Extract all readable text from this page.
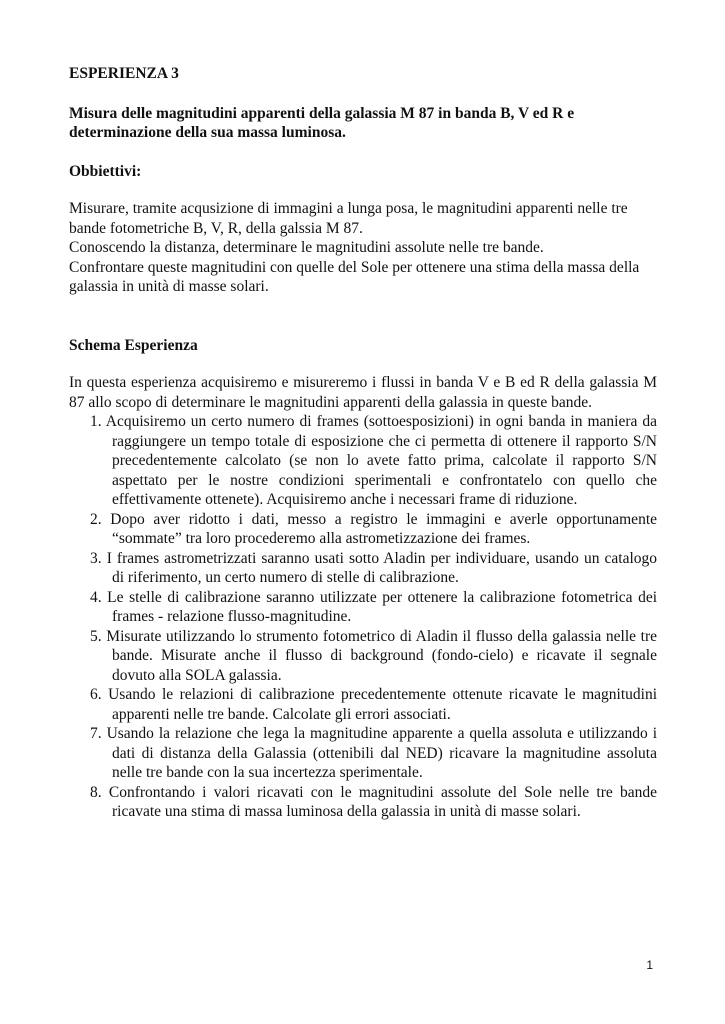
ESPERIENZA 3

Misura delle magnitudini apparenti della galassia M 87 in banda B, V ed R e determinazione della sua massa luminosa.

Obbiettivi:

Misurare, tramite acqusizione di immagini a lunga posa, le magnitudini apparenti nelle tre bande fotometriche B, V, R, della galssia M 87.
Conoscendo la distanza, determinare le magnitudini assolute nelle tre bande.
Confrontare queste magnitudini con quelle del Sole per ottenere una stima della massa della galassia in unità di masse solari.

Schema Esperienza

In questa esperienza acquisiremo e misureremo i flussi in banda V e B ed R della galassia M 87 allo scopo di determinare le magnitudini apparenti della galassia in queste bande.

1. Acquisiremo un certo numero di frames (sottoesposizioni) in ogni banda in maniera da raggiungere un tempo totale di esposizione che ci permetta di ottenere il rapporto S/N precedentemente calcolato (se non lo avete fatto prima, calcolate il rapporto S/N aspettato per le nostre condizioni sperimentali e confrontatelo con quello che effettivamente ottenete). Acquisiremo anche i necessari frame di riduzione.
2. Dopo aver ridotto i dati, messo a registro le immagini e averle opportunamente “sommate” tra loro procederemo alla astrometizzazione dei frames.
3. I frames astrometrizzati saranno usati sotto Aladin per individuare, usando un catalogo di riferimento, un certo numero di stelle di calibrazione.
4. Le stelle di calibrazione saranno utilizzate per ottenere la calibrazione fotometrica dei frames - relazione flusso-magnitudine.
5. Misurate utilizzando lo strumento fotometrico di Aladin il flusso della galassia nelle tre bande. Misurate anche il flusso di background (fondo-cielo) e ricavate il segnale dovuto alla SOLA galassia.
6. Usando le relazioni di calibrazione precedentemente ottenute ricavate le magnitudini apparenti nelle tre bande. Calcolate gli errori associati.
7. Usando la relazione che lega la magnitudine apparente a quella assoluta e utilizzando i dati di distanza della Galassia (ottenibili dal NED) ricavare la magnitudine assoluta nelle tre bande con la sua incertezza sperimentale.
8. Confrontando i valori ricavati con le magnitudini assolute del Sole nelle tre bande ricavate una stima di massa luminosa della galassia in unità di masse solari.
1
